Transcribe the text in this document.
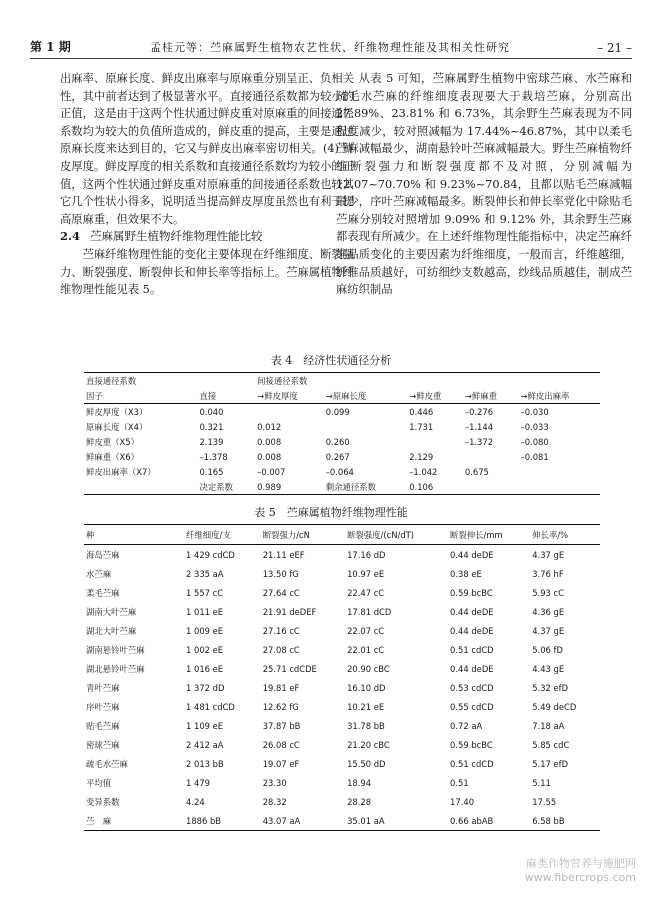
第 1 期	孟桂元等：苎麻属野生植物农艺性状、纤维物理性能及其相关性研究	– 21 –

出麻率、原麻长度、鲜皮出麻率与原麻重分别呈正、负相关性，其中前者达到了极显著水平。直接通径系数都为较小的正值，这是由于这两个性状通过鲜皮重对原麻重的间接通径系数均为较大的负值所造成的，鲜皮重的提高，主要是通过原麻长度来达到目的，它又与鲜皮出麻率密切相关。(4) 鲜皮厚度。鲜皮厚度的相关系数和直接通径系数均为较小的正值，这两个性状通过鲜皮重对原麻重的间接通径系数也较其它几个性状小得多，说明适当提高鲜皮厚度虽然也有利于提高原麻重，但效果不大。

2.4 苎麻属野生植物纤维物理性能比较

苎麻纤维物理性能的变化主要体现在纤维细度、断裂强力、断裂强度、断裂伸长和伸长率等指标上。苎麻属植物纤维物理性能见表 5。

从表 5 可知，苎麻属野生植物中密球苎麻、水苎麻和疏毛水苎麻的纤维细度表现要大于栽培苎麻，分别高出 27.89%、23.81% 和 6.73%，其余野生苎麻表现为不同程度减少，较对照减幅为 17.44%~46.87%，其中以柔毛苎麻减幅最少，湖南悬铃叶苎麻减幅最大。野生苎麻植物纤维断裂强力和断裂强度都不及对照，分别减幅为 12.07~70.70% 和 9.23%~70.84，且都以贴毛苎麻减幅最少，序叶苎麻减幅最多。断裂伸长和伸长率党化中除贴毛苎麻分别较对照增加 9.09% 和 9.12% 外，其余野生苎麻都表现有所减少。在上述纤维物理性能指标中，决定苎麻纤维品质变化的主要因素为纤维细度，一般而言，纤维越细，纤维品质越好，可纺细纱支数越高，纱线品质越佳，制成苎麻纺织制品

表 4　经济性状通径分析
直接通径系数		间接通径系数				
因子	直接	→鲜皮厚度	→原麻长度	→鲜皮重	→鲜麻重	→鲜皮出麻率
鲜皮厚度（X3）	0.040		0.099	0.446	–0.276	–0.030
原麻长度（X4）	0.321	0.012		1.731	–1.144	–0.033
鲜皮重（X5）	2.139	0.008	0.260		–1.372	–0.080
鲜麻重（X6）	–1.378	0.008	0.267	2.129		–0.081
鲜皮出麻率（X7）	0.165	–0.007	–0.064	–1.042	0.675	
	决定系数	0.989	剩余通径系数	0.106		
表 5　苎麻属植物纤维物理性能
种	纤维细度/支	断裂强力/cN	断裂强度/(cN/dT)	断裂伸长/mm	伸长率/%
海岛苎麻	1 429 cdCD	21.11 eEF	17.16 dD	0.44 deDE	4.37 gE
水苎麻	2 335 aA	13.50 fG	10.97 eE	0.38 eE	3.76 hF
柔毛苎麻	1 557 cC	27.64 cC	22.47 cC	0.59 bcBC	5.93 cC
湖南大叶苎麻	1 011 eE	21.91 deDEF	17.81 dCD	0.44 deDE	4.36 gE
湖北大叶苎麻	1 009 eE	27.16 cC	22.07 cC	0.44 deDE	4.37 gE
湖南悬铃叶苎麻	1 002 eE	27.08 cC	22.01 cC	0.51 cdCD	5.06 fD
湖北悬铃叶苎麻	1 016 eE	25.71 cdCDE	20.90 cBC	0.44 deDE	4.43 gE
青叶苎麻	1 372 dD	19.81 eF	16.10 dD	0.53 cdCD	5.32 efD
序叶苎麻	1 481 cdCD	12.62 fG	10.21 eE	0.55 cdCD	5.49 deCD
贴毛苎麻	1 109 eE	37.87 bB	31.78 bB	0.72 aA	7.18 aA
密球苎麻	2 412 aA	26.08 cC	21.20 cBC	0.59 bcBC	5.85 cdC
疏毛水苎麻	2 013 bB	19.07 eF	15.50 dD	0.51 cdCD	5.17 efD
平均值	1 479	23.30	18.94	0.51	5.11
变异系数	4.24	28.32	28.28	17.40	17.55
苎　麻	1886 bB	43.07 aA	35.01 aA	0.66 abAB	6.58 bB
麻类作物营养与施肥网
www.fibercrops.com
